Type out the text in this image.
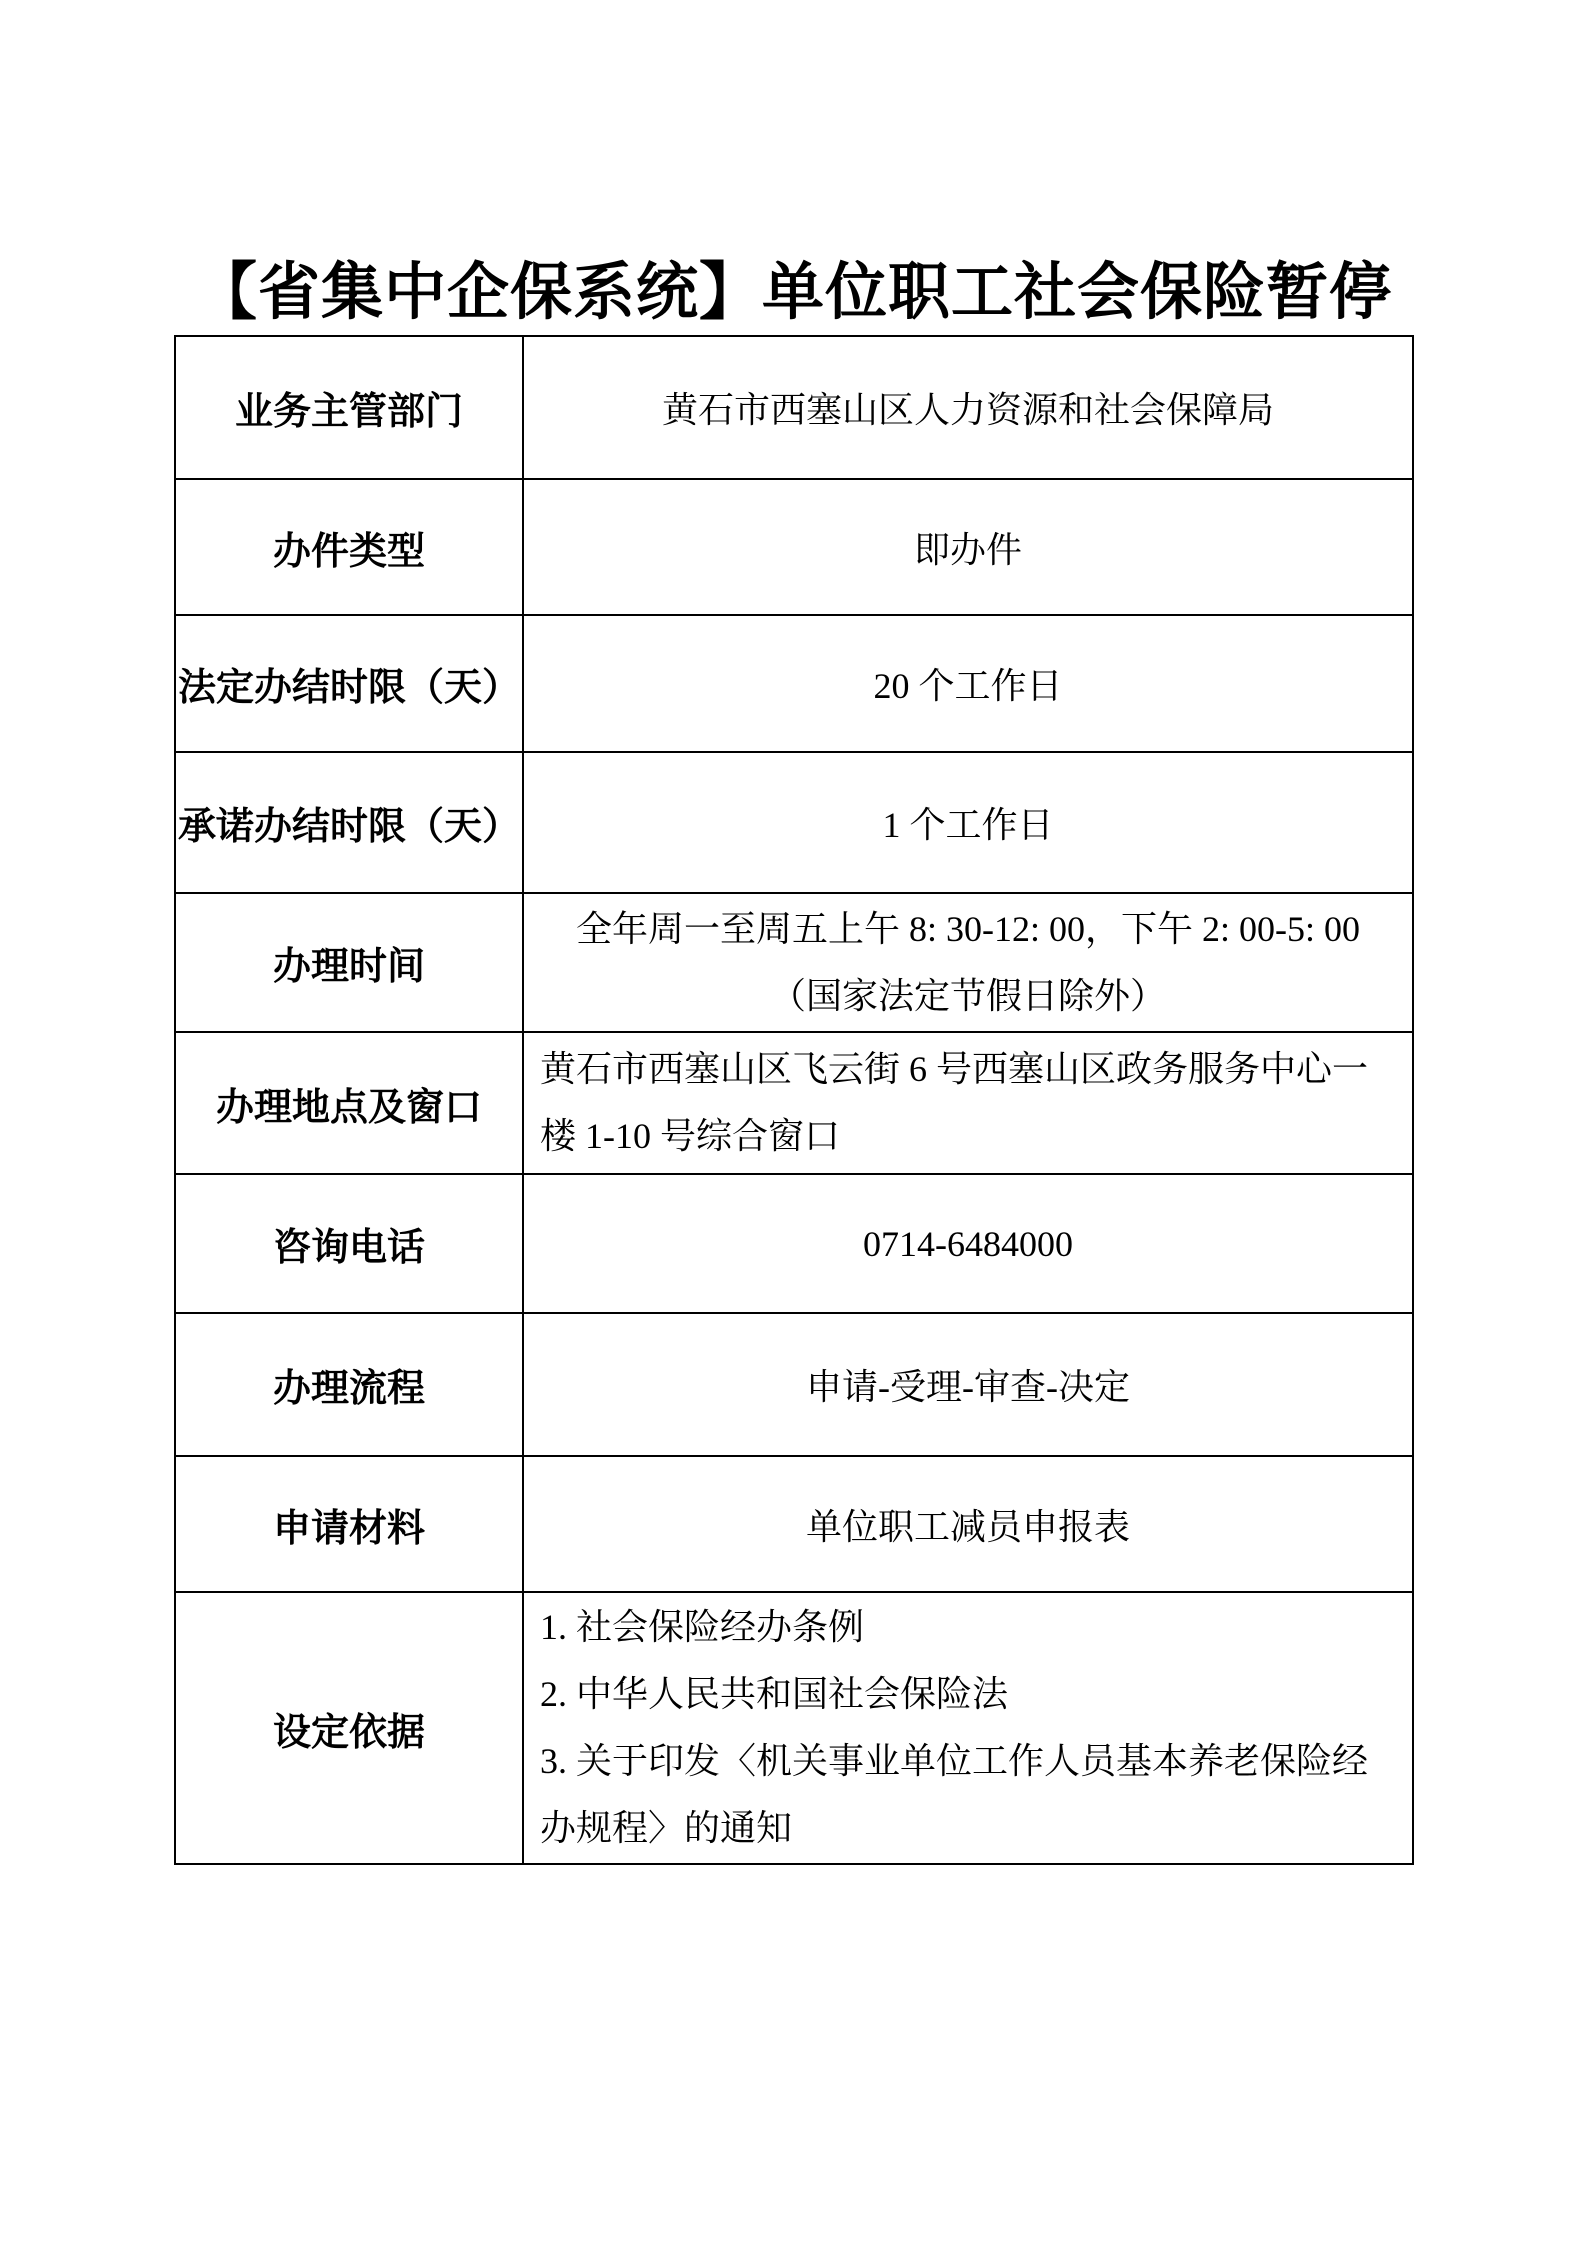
【省集中企保系统】单位职工社会保险暂停
业务主管部门	黄石市西塞山区人力资源和社会保障局
办件类型	即办件
法定办结时限（天）	20 个工作日
承诺办结时限（天）	1 个工作日
办理时间	全年周一至周五上午 8: 30-12: 00，下午 2: 00-5: 00
（国家法定节假日除外）

办理地点及窗口	黄石市西塞山区飞云街 6 号西塞山区政务服务中心一
楼 1-10 号综合窗口

咨询电话	0714-6484000
办理流程	申请-受理-审查-决定
申请材料	单位职工减员申报表
设定依据	1. 社会保险经办条例
2. 中华人民共和国社会保险法
3. 关于印发〈机关事业单位工作人员基本养老保险经
办规程〉的通知
